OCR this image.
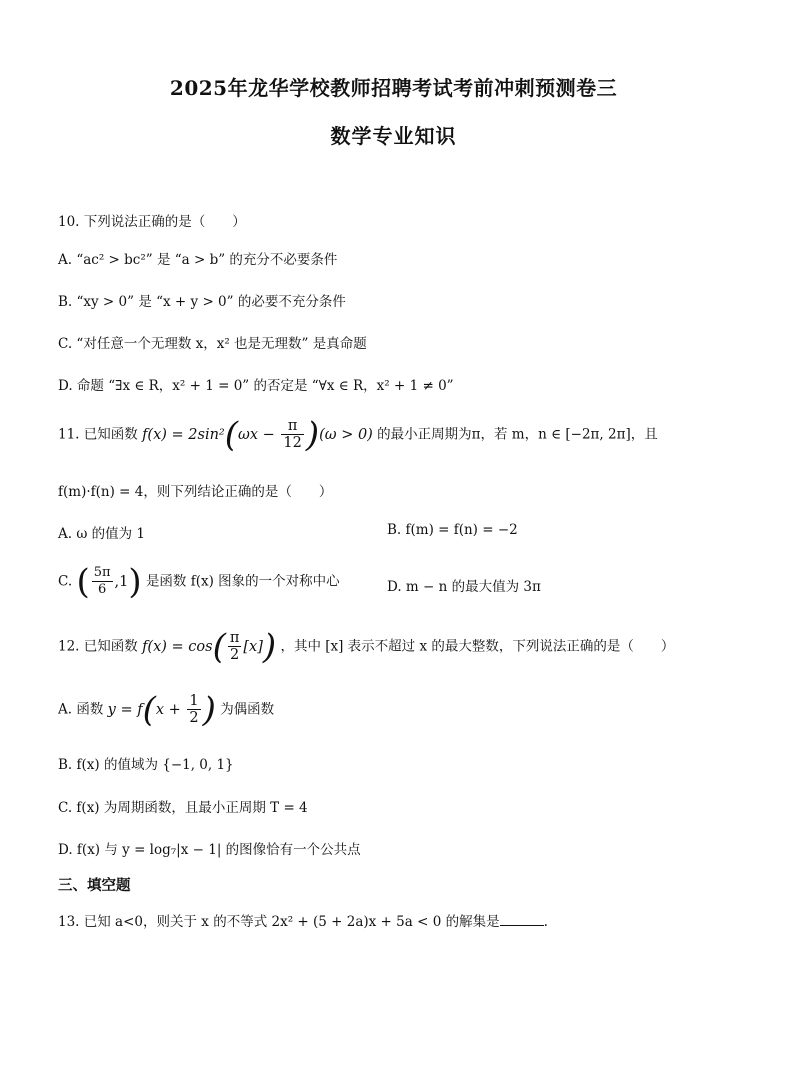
2025年龙华学校教师招聘考试考前冲刺预测卷三
数学专业知识
10. 下列说法正确的是（　　）
A. “ac² > bc²” 是 “a > b” 的充分不必要条件
B. “xy > 0” 是 “x + y > 0” 的必要不充分条件
C. “对任意一个无理数 x，x² 也是无理数” 是真命题
D. 命题 “∃x ∈ R，x² + 1 = 0” 的否定是 “∀x ∈ R，x² + 1 ≠ 0”
11. 已知函数 $f(x) = 2\sin^2(\omega x - \frac{\pi}{12} )(\omega > 0)$ 的最小正周期为π，若 m，n ∈ [−2π, 2π]，且
f(m)·f(n) = 4，则下列结论正确的是（　　）
A. ω 的值为 1	B. f(m) = f(n) = −2
C. ( $\frac{5\pi}{6} ,1$) 是函数 f(x) 图象的一个对称中心	D. m − n 的最大值为 3π
12. 已知函数 $f(x) = \cos( \frac{\pi}{2} [x])$ ，其中 [x] 表示不超过 x 的最大整数，下列说法正确的是（　　）
A. 函数 $y = f(x + \frac{1}{2}$ ) 为偶函数
B. f(x) 的值域为 {−1, 0, 1}
C. f(x) 为周期函数，且最小正周期 T = 4
D. f(x) 与 y = log₇|x − 1| 的图像恰有一个公共点
三、填空题
13. 已知 a<0，则关于 x 的不等式 2x² + (5 + 2a)x + 5a < 0 的解集是	.
